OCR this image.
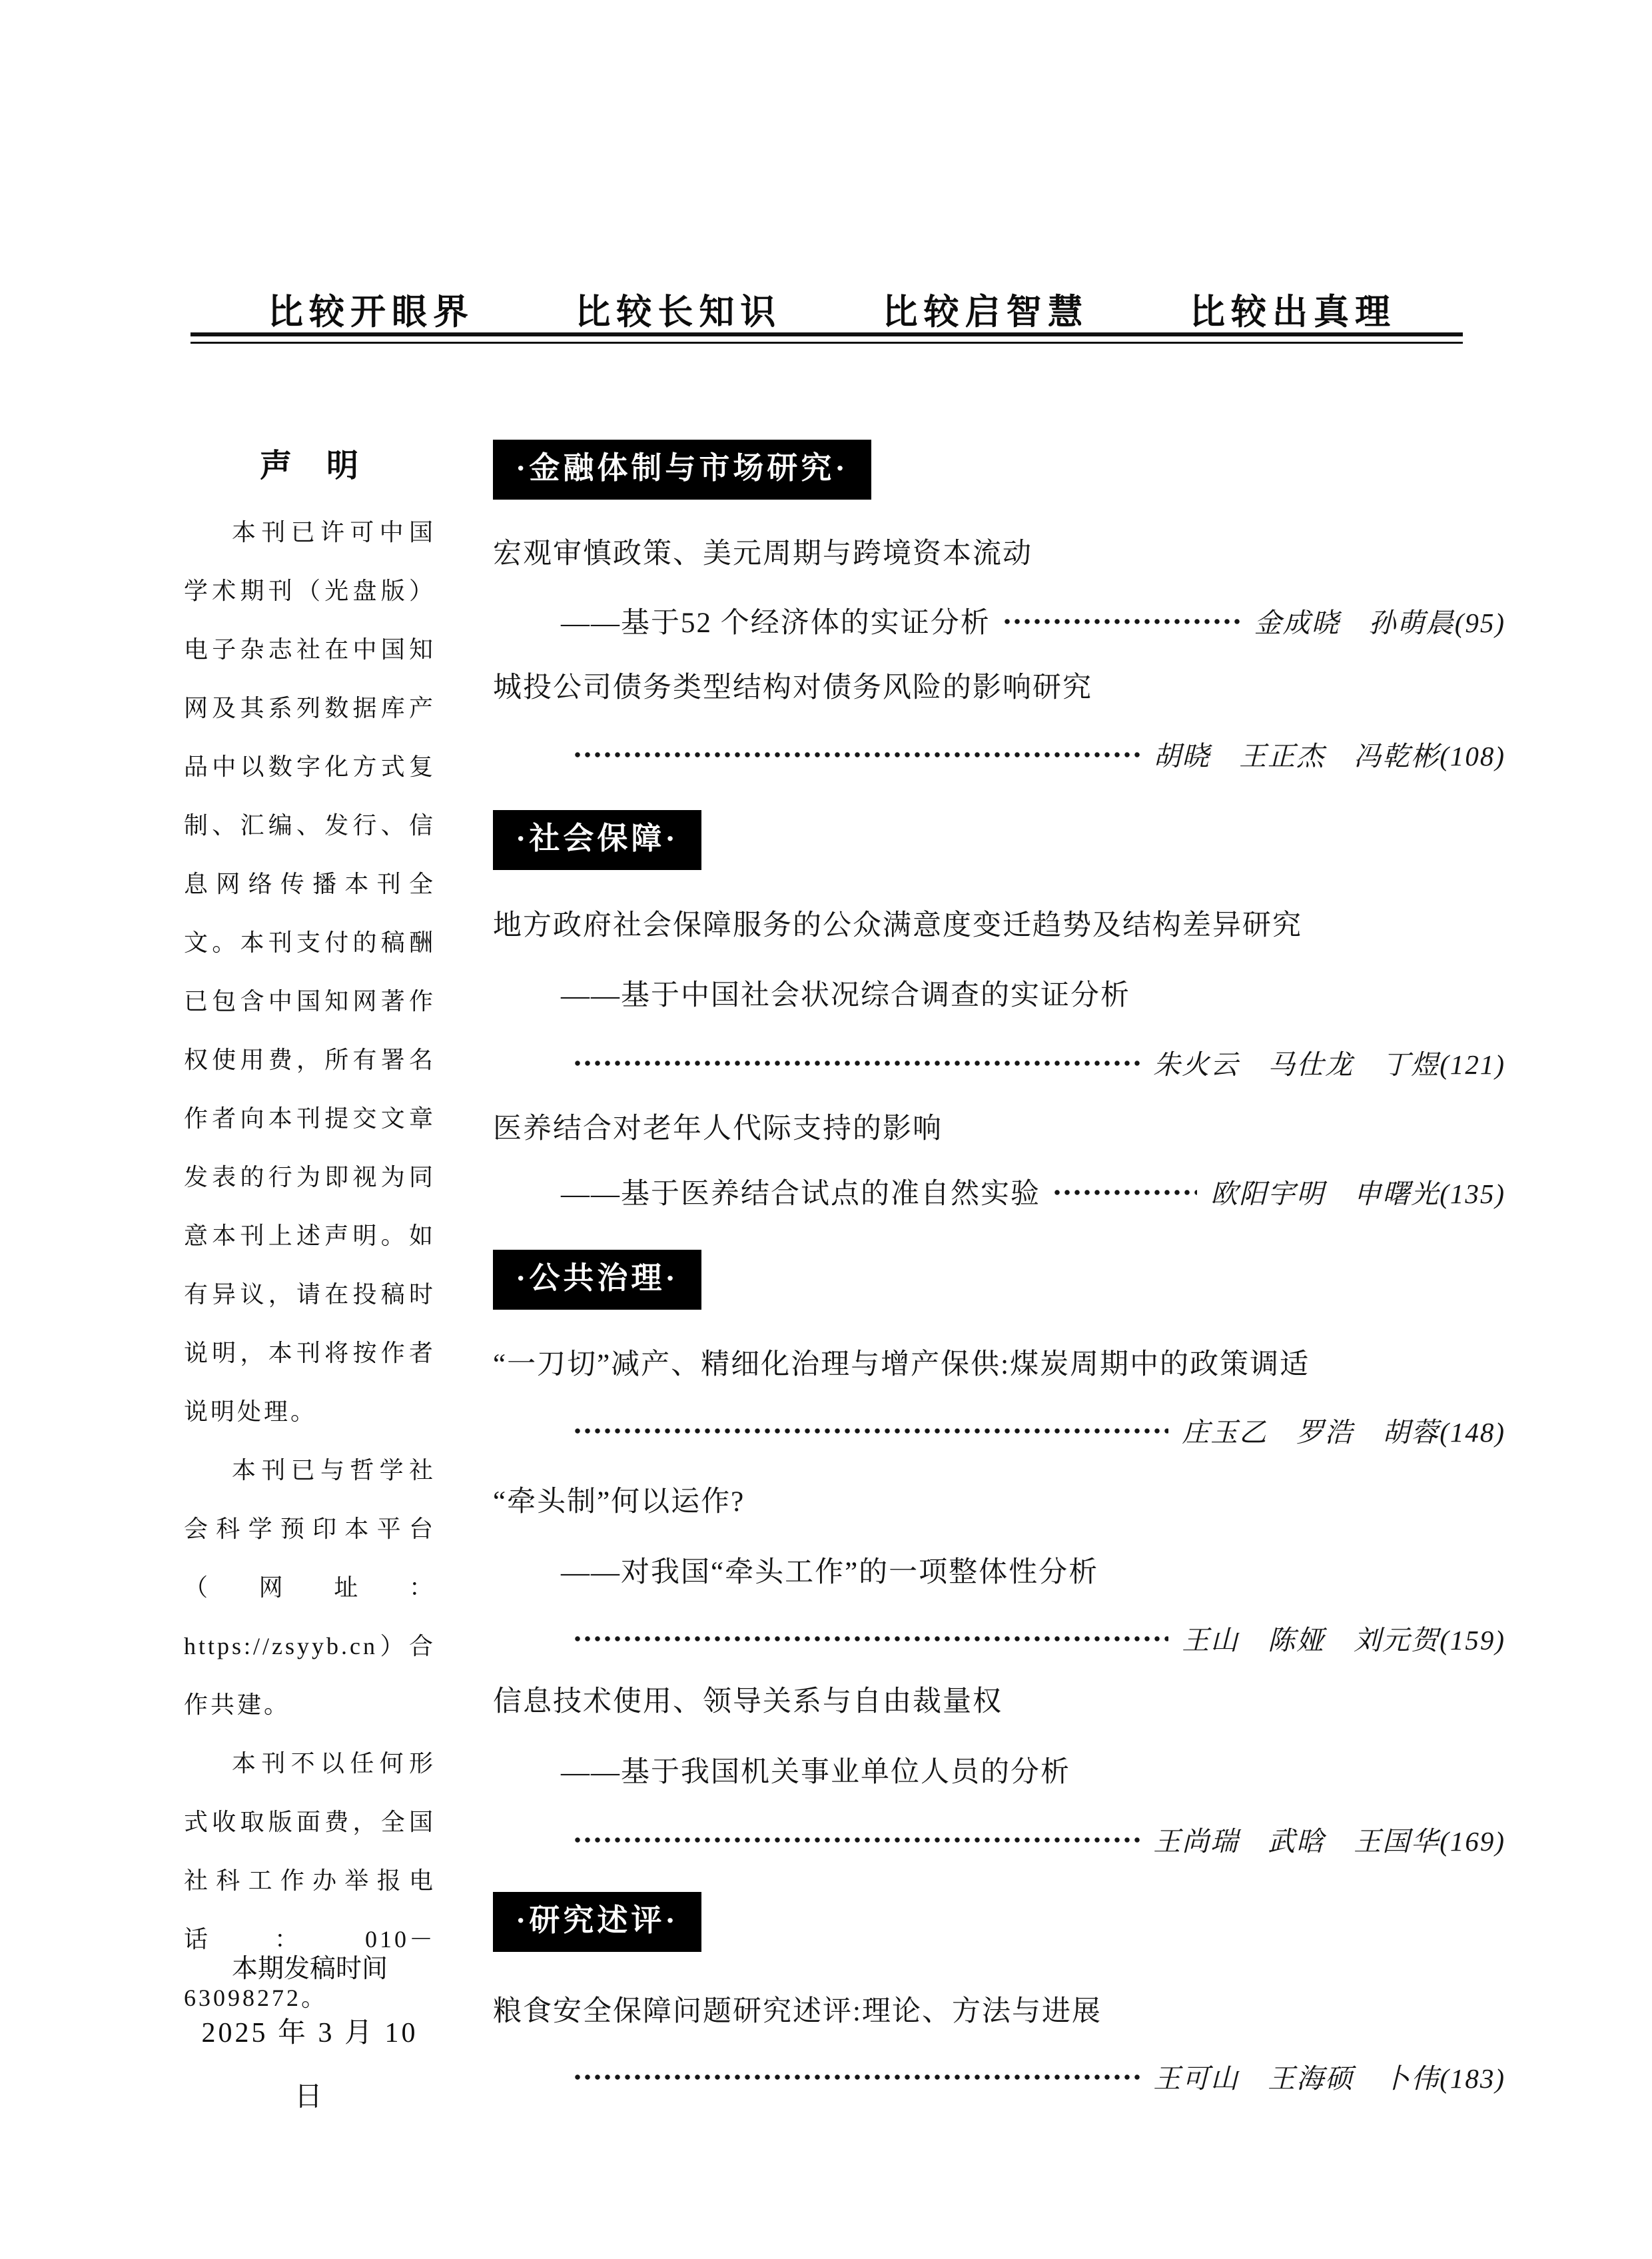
比较开眼界	比较长知识	比较启智慧	比较出真理
声　明

本刊已许可中国学术期刊（光盘版）电子杂志社在中国知网及其系列数据库产品中以数字化方式复制、汇编、发行、信息网络传播本刊全文。本刊支付的稿酬已包含中国知网著作权使用费，所有署名作者向本刊提交文章发表的行为即视为同意本刊上述声明。如有异议，请在投稿时说明，本刊将按作者说明处理。

本刊已与哲学社会科学预印本平台（网址：https://zsyyb.cn）合作共建。

本刊不以任何形式收取版面费，全国社科工作办举报电话：010－63098272。

本期发稿时间
2025 年 3 月 10 日
·金融体制与市场研究·
宏观审慎政策、美元周期与跨境资本流动
——基于52 个经济体的实证分析	金成晓　孙萌晨(95)
城投公司债务类型结构对债务风险的影响研究
胡晓　王正杰　冯乾彬(108)
·社会保障·
地方政府社会保障服务的公众满意度变迁趋势及结构差异研究
——基于中国社会状况综合调查的实证分析
朱火云　马仕龙　丁煜(121)
医养结合对老年人代际支持的影响
——基于医养结合试点的准自然实验	欧阳宇明　申曙光(135)
·公共治理·
“一刀切”减产、精细化治理与增产保供:煤炭周期中的政策调适
庄玉乙　罗浩　胡蓉(148)
“牵头制”何以运作?
——对我国“牵头工作”的一项整体性分析
王山　陈娅　刘元贺(159)
信息技术使用、领导关系与自由裁量权
——基于我国机关事业单位人员的分析
王尚瑞　武晗　王国华(169)
·研究述评·
粮食安全保障问题研究述评:理论、方法与进展
王可山　王海硕　卜伟(183)
